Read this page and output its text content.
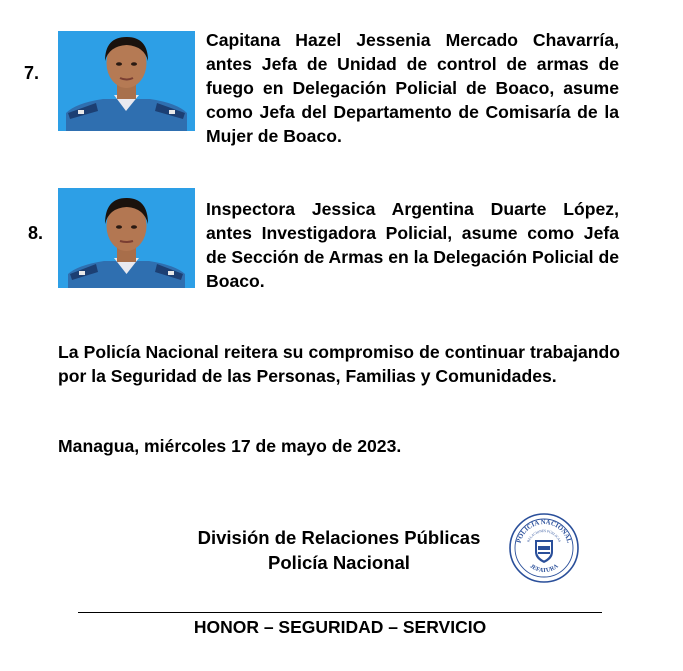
7.

Capitana Hazel Jessenia Mercado Chavarría, antes Jefa de Unidad de control de armas de fuego en Delegación Policial de Boaco, asume como Jefa del Departamento de Comisaría de la Mujer de Boaco.

8.

Inspectora Jessica Argentina Duarte López, antes Investigadora Policial, asume como Jefa de Sección de Armas en la Delegación Policial de Boaco.

La Policía Nacional reitera su compromiso de continuar trabajando por la Seguridad de las Personas, Familias y Comunidades.

Managua, miércoles 17 de mayo de 2023.

División de Relaciones Públicas
Policía Nacional
POLICIA NACIONAL
RELACIONES PÚBLICAS
JEFATURA
HONOR – SEGURIDAD – SERVICIO
